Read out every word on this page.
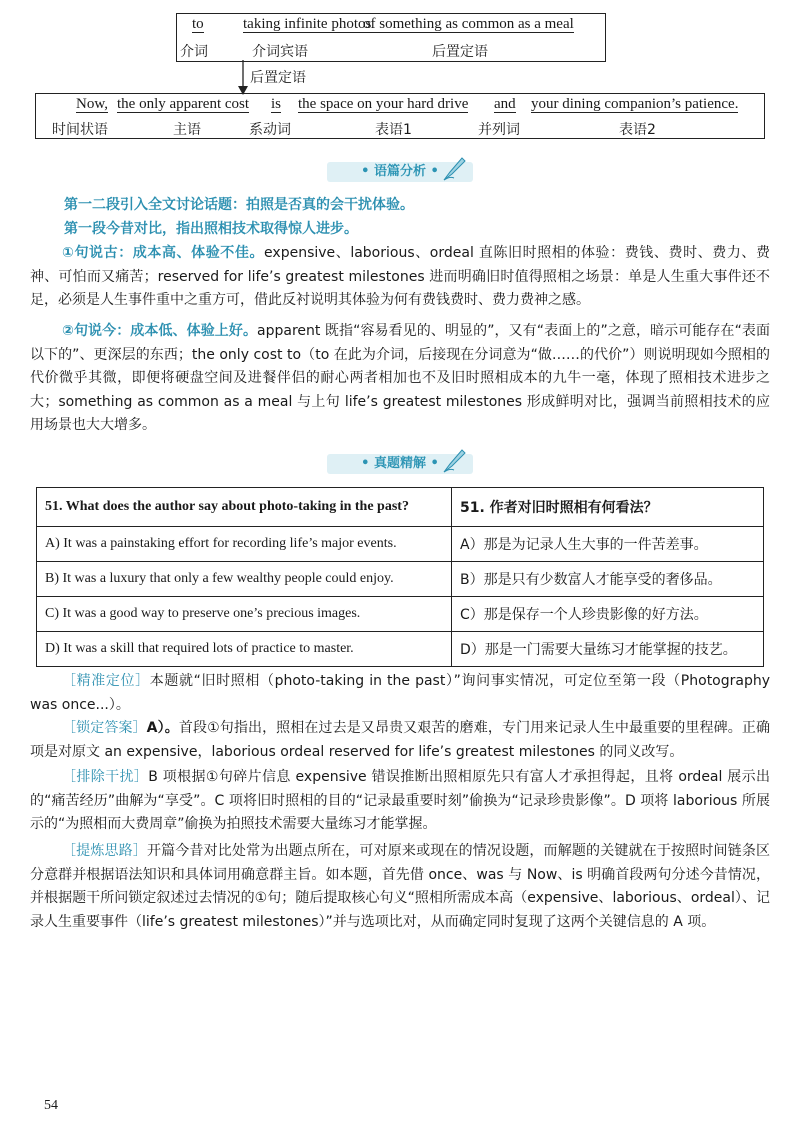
to	taking infinite photos
of something as common as a meal
介词	介词宾语	后置定语
后置定语
Now, the only apparent cost is the space on your hard drive and your dining companion’s patience.
时间状语	主语	系动词	表语1	并列词	表语2
• 语篇分析 •
第一二段引入全文讨论话题：拍照是否真的会干扰体验。
第一段今昔对比，指出照相技术取得惊人进步。
①句说古：成本高、体验不佳。expensive、laborious、ordeal 直陈旧时照相的体验：费钱、费时、费力、费神、可怕而又痛苦；reserved for life’s greatest milestones 进而明确旧时值得照相之场景：单是人生重大事件还不足，必须是人生事件重中之重方可，借此反衬说明其体验为何有费钱费时、费力费神之感。
②句说今：成本低、体验上好。apparent 既指“容易看见的、明显的”，又有“表面上的”之意，暗示可能存在“表面以下的”、更深层的东西；the only cost to（to 在此为介词，后接现在分词意为“做……的代价”）则说明现如今照相的代价微乎其微，即便将硬盘空间及进餐伴侣的耐心两者相加也不及旧时照相成本的九牛一毫，体现了照相技术进步之大；something as common as a meal 与上句 life’s greatest milestones 形成鲜明对比，强调当前照相技术的应用场景也大大增多。
• 真题精解 •
51. What does the author say about photo-taking in the past?	51. 作者对旧时照相有何看法？
A) It was a painstaking effort for recording life’s major events.	A）那是为记录人生大事的一件苦差事。
B) It was a luxury that only a few wealthy people could enjoy.	B）那是只有少数富人才能享受的奢侈品。
C) It was a good way to preserve one’s precious images.	C）那是保存一个人珍贵影像的好方法。
D) It was a skill that required lots of practice to master.	D）那是一门需要大量练习才能掌握的技艺。
［精准定位］本题就“旧时照相（photo-taking in the past）”询问事实情况，可定位至第一段（Photography was once...）。
［锁定答案］A）。首段①句指出，照相在过去是又昂贵又艰苦的磨难，专门用来记录人生中最重要的里程碑。正确项是对原文 an expensive，laborious ordeal reserved for life’s greatest milestones 的同义改写。
［排除干扰］B 项根据①句碎片信息 expensive 错误推断出照相原先只有富人才承担得起，且将 ordeal 展示出的“痛苦经历”曲解为“享受”。C 项将旧时照相的目的“记录最重要时刻”偷换为“记录珍贵影像”。D 项将 laborious 所展示的“为照相而大费周章”偷换为拍照技术需要大量练习才能掌握。
［提炼思路］开篇今昔对比处常为出题点所在，可对原来或现在的情况设题，而解题的关键就在于按照时间链条区分意群并根据语法知识和具体词用确意群主旨。如本题，首先借 once、was 与 Now、is 明确首段两句分述今昔情况，并根据题干所问锁定叙述过去情况的①句；随后提取核心句义“照相所需成本高（expensive、laborious、ordeal）、记录人生重要事件（life’s greatest milestones）”并与选项比对，从而确定同时复现了这两个关键信息的 A 项。
54
